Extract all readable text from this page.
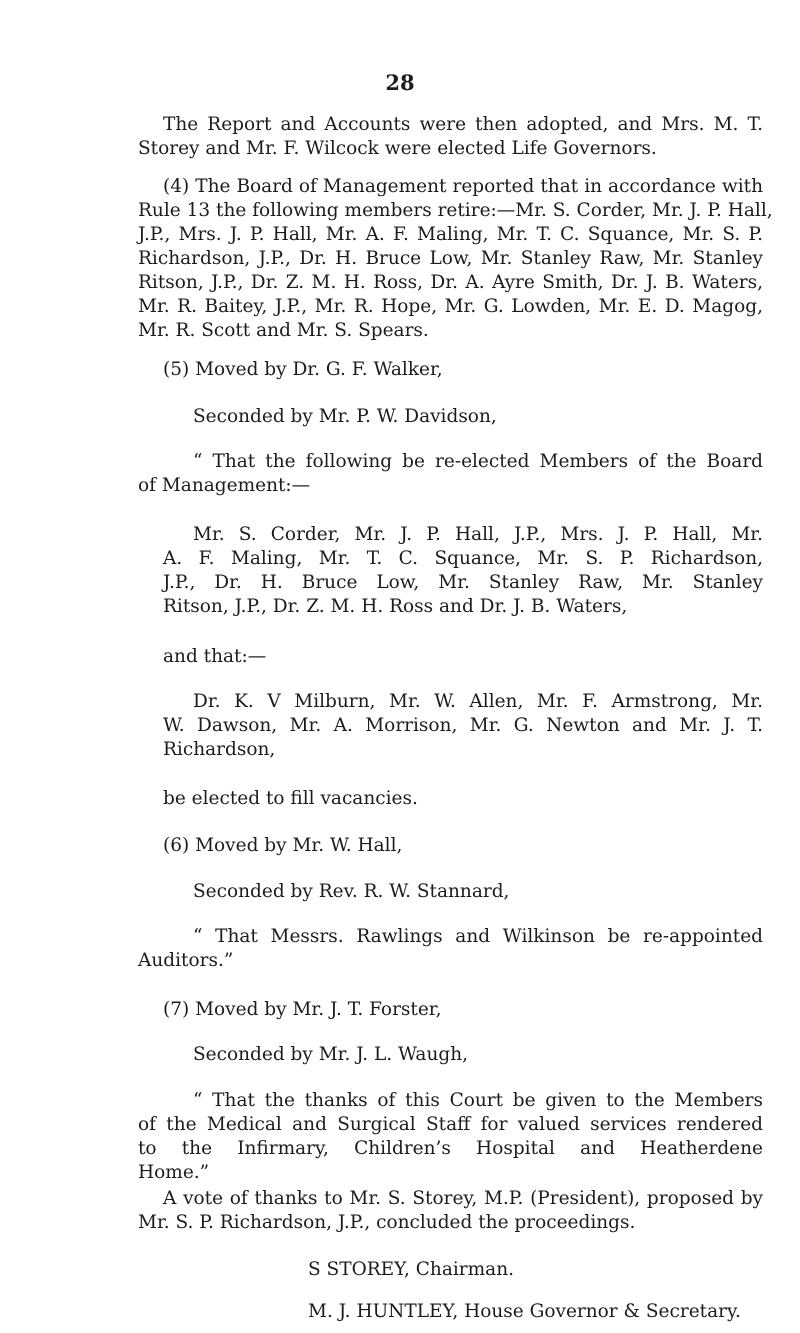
28

The Report and Accounts were then adopted, and Mrs. M. T.
Storey and Mr. F. Wilcock were elected Life Governors.

(4) The Board of Management reported that in accordance with
Rule 13 the following members retire:—Mr. S. Corder, Mr. J. P. Hall,
J.P., Mrs. J. P. Hall, Mr. A. F. Maling, Mr. T. C. Squance, Mr. S. P.
Richardson, J.P., Dr. H. Bruce Low, Mr. Stanley Raw, Mr. Stanley
Ritson, J.P., Dr. Z. M. H. Ross, Dr. A. Ayre Smith, Dr. J. B. Waters,
Mr. R. Baitey, J.P., Mr. R. Hope, Mr. G. Lowden, Mr. E. D. Magog,
Mr. R. Scott and Mr. S. Spears.

(5) Moved by Dr. G. F. Walker,

Seconded by Mr. P. W. Davidson,

“ That the following be re-elected Members of the Board
of Management:—

Mr. S. Corder, Mr. J. P. Hall, J.P., Mrs. J. P. Hall, Mr.
A. F. Maling, Mr. T. C. Squance, Mr. S. P. Richardson,
J.P., Dr. H. Bruce Low, Mr. Stanley Raw, Mr. Stanley
Ritson, J.P., Dr. Z. M. H. Ross and Dr. J. B. Waters,

and that:—

Dr. K. V Milburn, Mr. W. Allen, Mr. F. Armstrong, Mr.
W. Dawson, Mr. A. Morrison, Mr. G. Newton and Mr. J. T.
Richardson,

be elected to fill vacancies.

(6) Moved by Mr. W. Hall,

Seconded by Rev. R. W. Stannard,

“ That Messrs. Rawlings and Wilkinson be re-appointed
Auditors.”

(7) Moved by Mr. J. T. Forster,

Seconded by Mr. J. L. Waugh,

“ That the thanks of this Court be given to the Members
of the Medical and Surgical Staff for valued services rendered
to the Infirmary, Children’s Hospital and Heatherdene
Home.”

A vote of thanks to Mr. S. Storey, M.P. (President), proposed by
Mr. S. P. Richardson, J.P., concluded the proceedings.

S STOREY, Chairman.

M. J. HUNTLEY, House Governor & Secretary.
